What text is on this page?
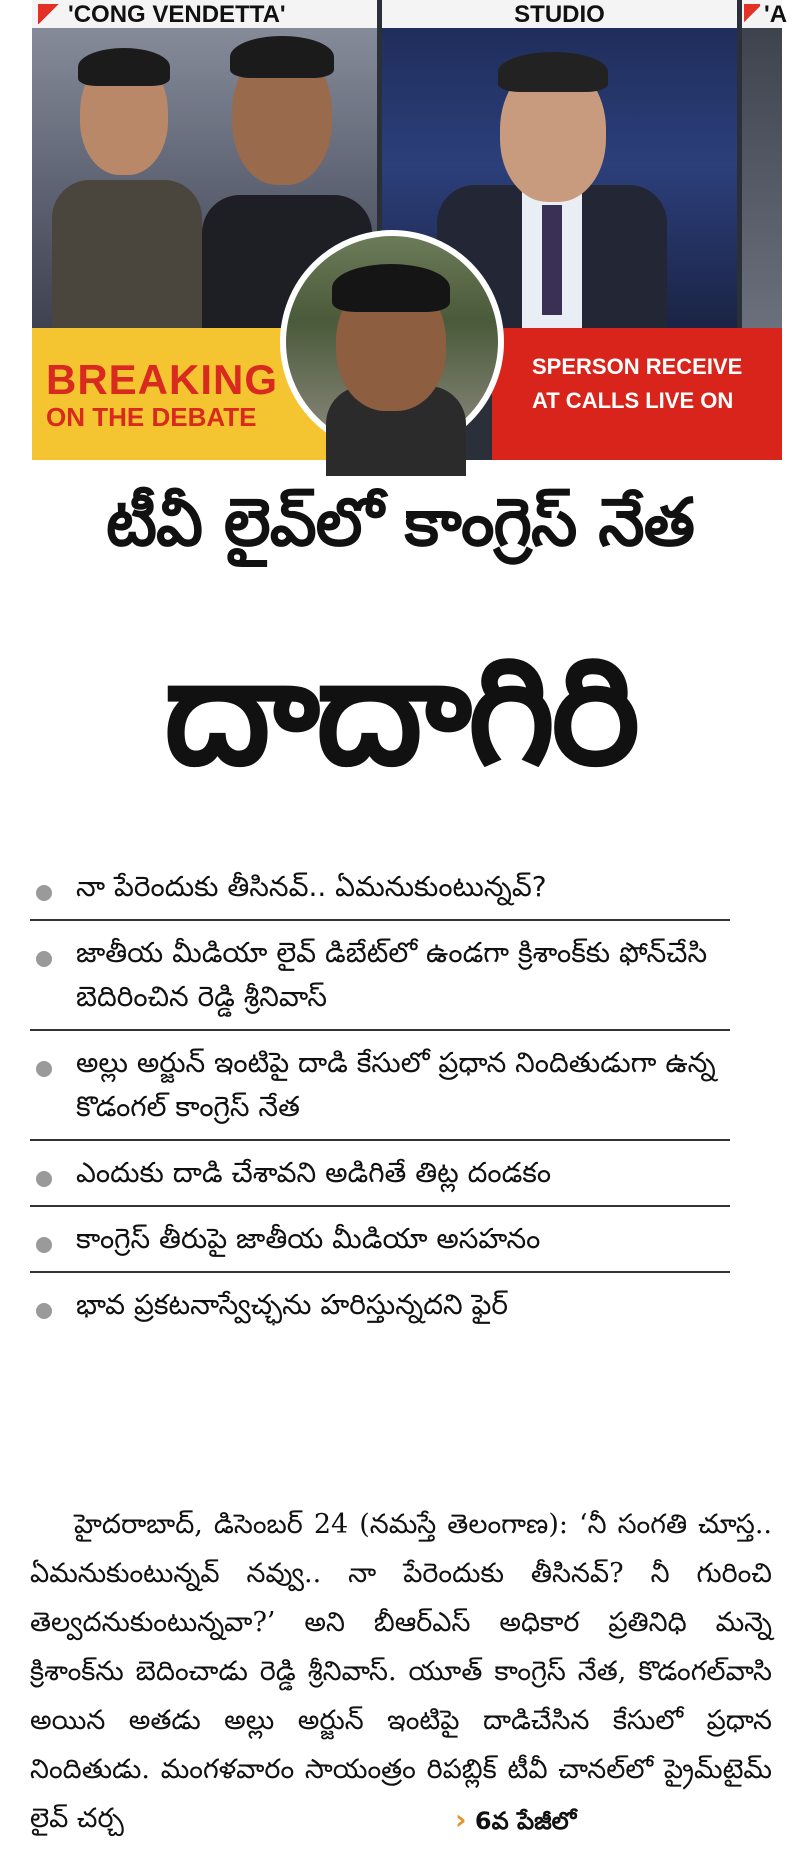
'CONG VENDETTA'	STUDIO	'A
BREAKING
ON THE DEBATE
SPERSON RECEIVE
AT CALLS LIVE ON
టీవీ లైవ్‌లో కాంగ్రెస్ నేత
దాదాగిరి
నా పేరెందుకు తీసినవ్.. ఏమనుకుంటున్నవ్?
జాతీయ మీడియా లైవ్ డిబేట్‌లో ఉండగా క్రిశాంక్‌కు ఫోన్‌చేసి బెదిరించిన రెడ్డి శ్రీనివాస్
అల్లు అర్జున్ ఇంటిపై దాడి కేసులో ప్రధాన నిందితుడుగా ఉన్న కొడంగల్ కాంగ్రెస్ నేత
ఎందుకు దాడి చేశావని అడిగితే తిట్ల దండకం
కాంగ్రెస్ తీరుపై జాతీయ మీడియా అసహనం
భావ ప్రకటనాస్వేచ్ఛను హరిస్తున్నదని ఫైర్
హైదరాబాద్, డిసెంబర్ 24 (నమస్తే తెలంగాణ): ‘నీ సంగతి చూస్త.. ఏమనుకుంటున్నవ్ నవ్వు.. నా పేరెందుకు తీసినవ్? నీ గురించి తెల్వదనుకుంటున్నవా?’ అని బీఆర్‌ఎస్ అధికార ప్రతినిధి మన్నె క్రిశాంక్‌ను బెదించాడు రెడ్డి శ్రీనివాస్. యూత్ కాంగ్రెస్ నేత, కొడంగల్‌వాసి అయిన అతడు అల్లు అర్జున్ ఇంటిపై దాడిచేసిన కేసులో ప్రధాన నిందితుడు. మంగళవారం సాయంత్రం రిపబ్లిక్ టీవీ చానల్‌లో ప్రైమ్‌టైమ్ లైవ్ చర్చ	› 6వ పేజీలో
